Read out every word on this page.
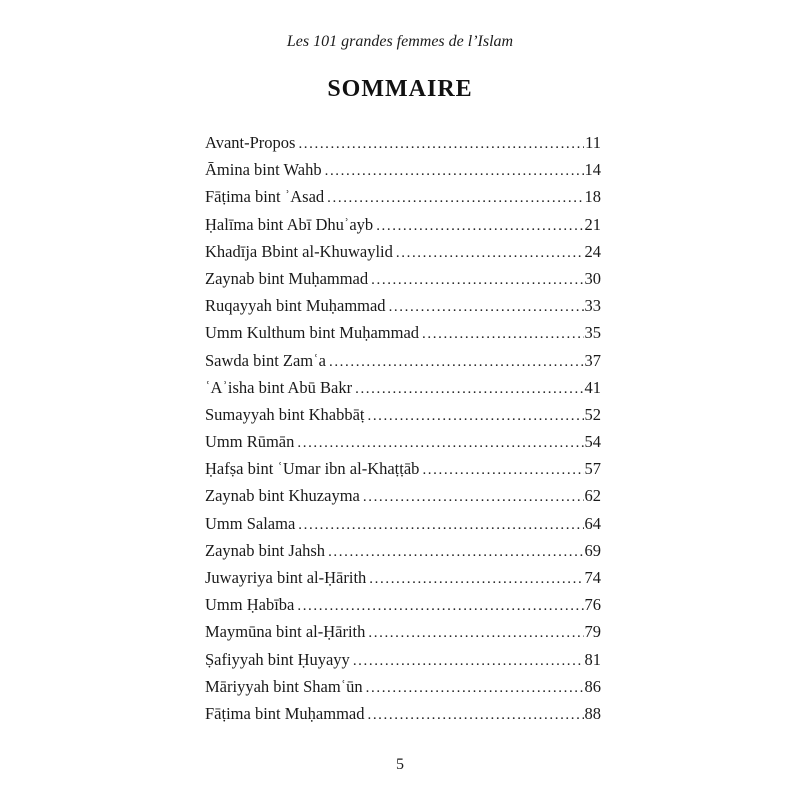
Les 101 grandes femmes de l’Islam
SOMMAIRE
Avant-Propos .....	11
Āmina bint Wahb .....	14
Fāṭima bint ʾAsad .....	18
Ḥalīma bint Abī Dhuʾayb .....	21
Khadīja Bbint al-Khuwaylid .....	24
Zaynab bint Muḥammad .....	30
Ruqayyah bint Muḥammad .....	33
Umm Kulthum bint Muḥammad .....	35
Sawda bint Zamʿa .....	37
ʿAʾisha bint Abū Bakr .....	41
Sumayyah bint Khabbāṭ .....	52
Umm Rūmān .....	54
Ḥafṣa bint ʿUmar ibn al-Khaṭṭāb .....	57
Zaynab bint Khuzayma .....	62
Umm Salama .....	64
Zaynab bint Jahsh .....	69
Juwayriya bint al-Ḥārith .....	74
Umm Ḥabība .....	76
Maymūna bint al-Ḥārith .....	79
Ṣafiyyah bint Ḥuyayy .....	81
Māriyyah bint Shamʿūn .....	86
Fāṭima bint Muḥammad .....	88
5
